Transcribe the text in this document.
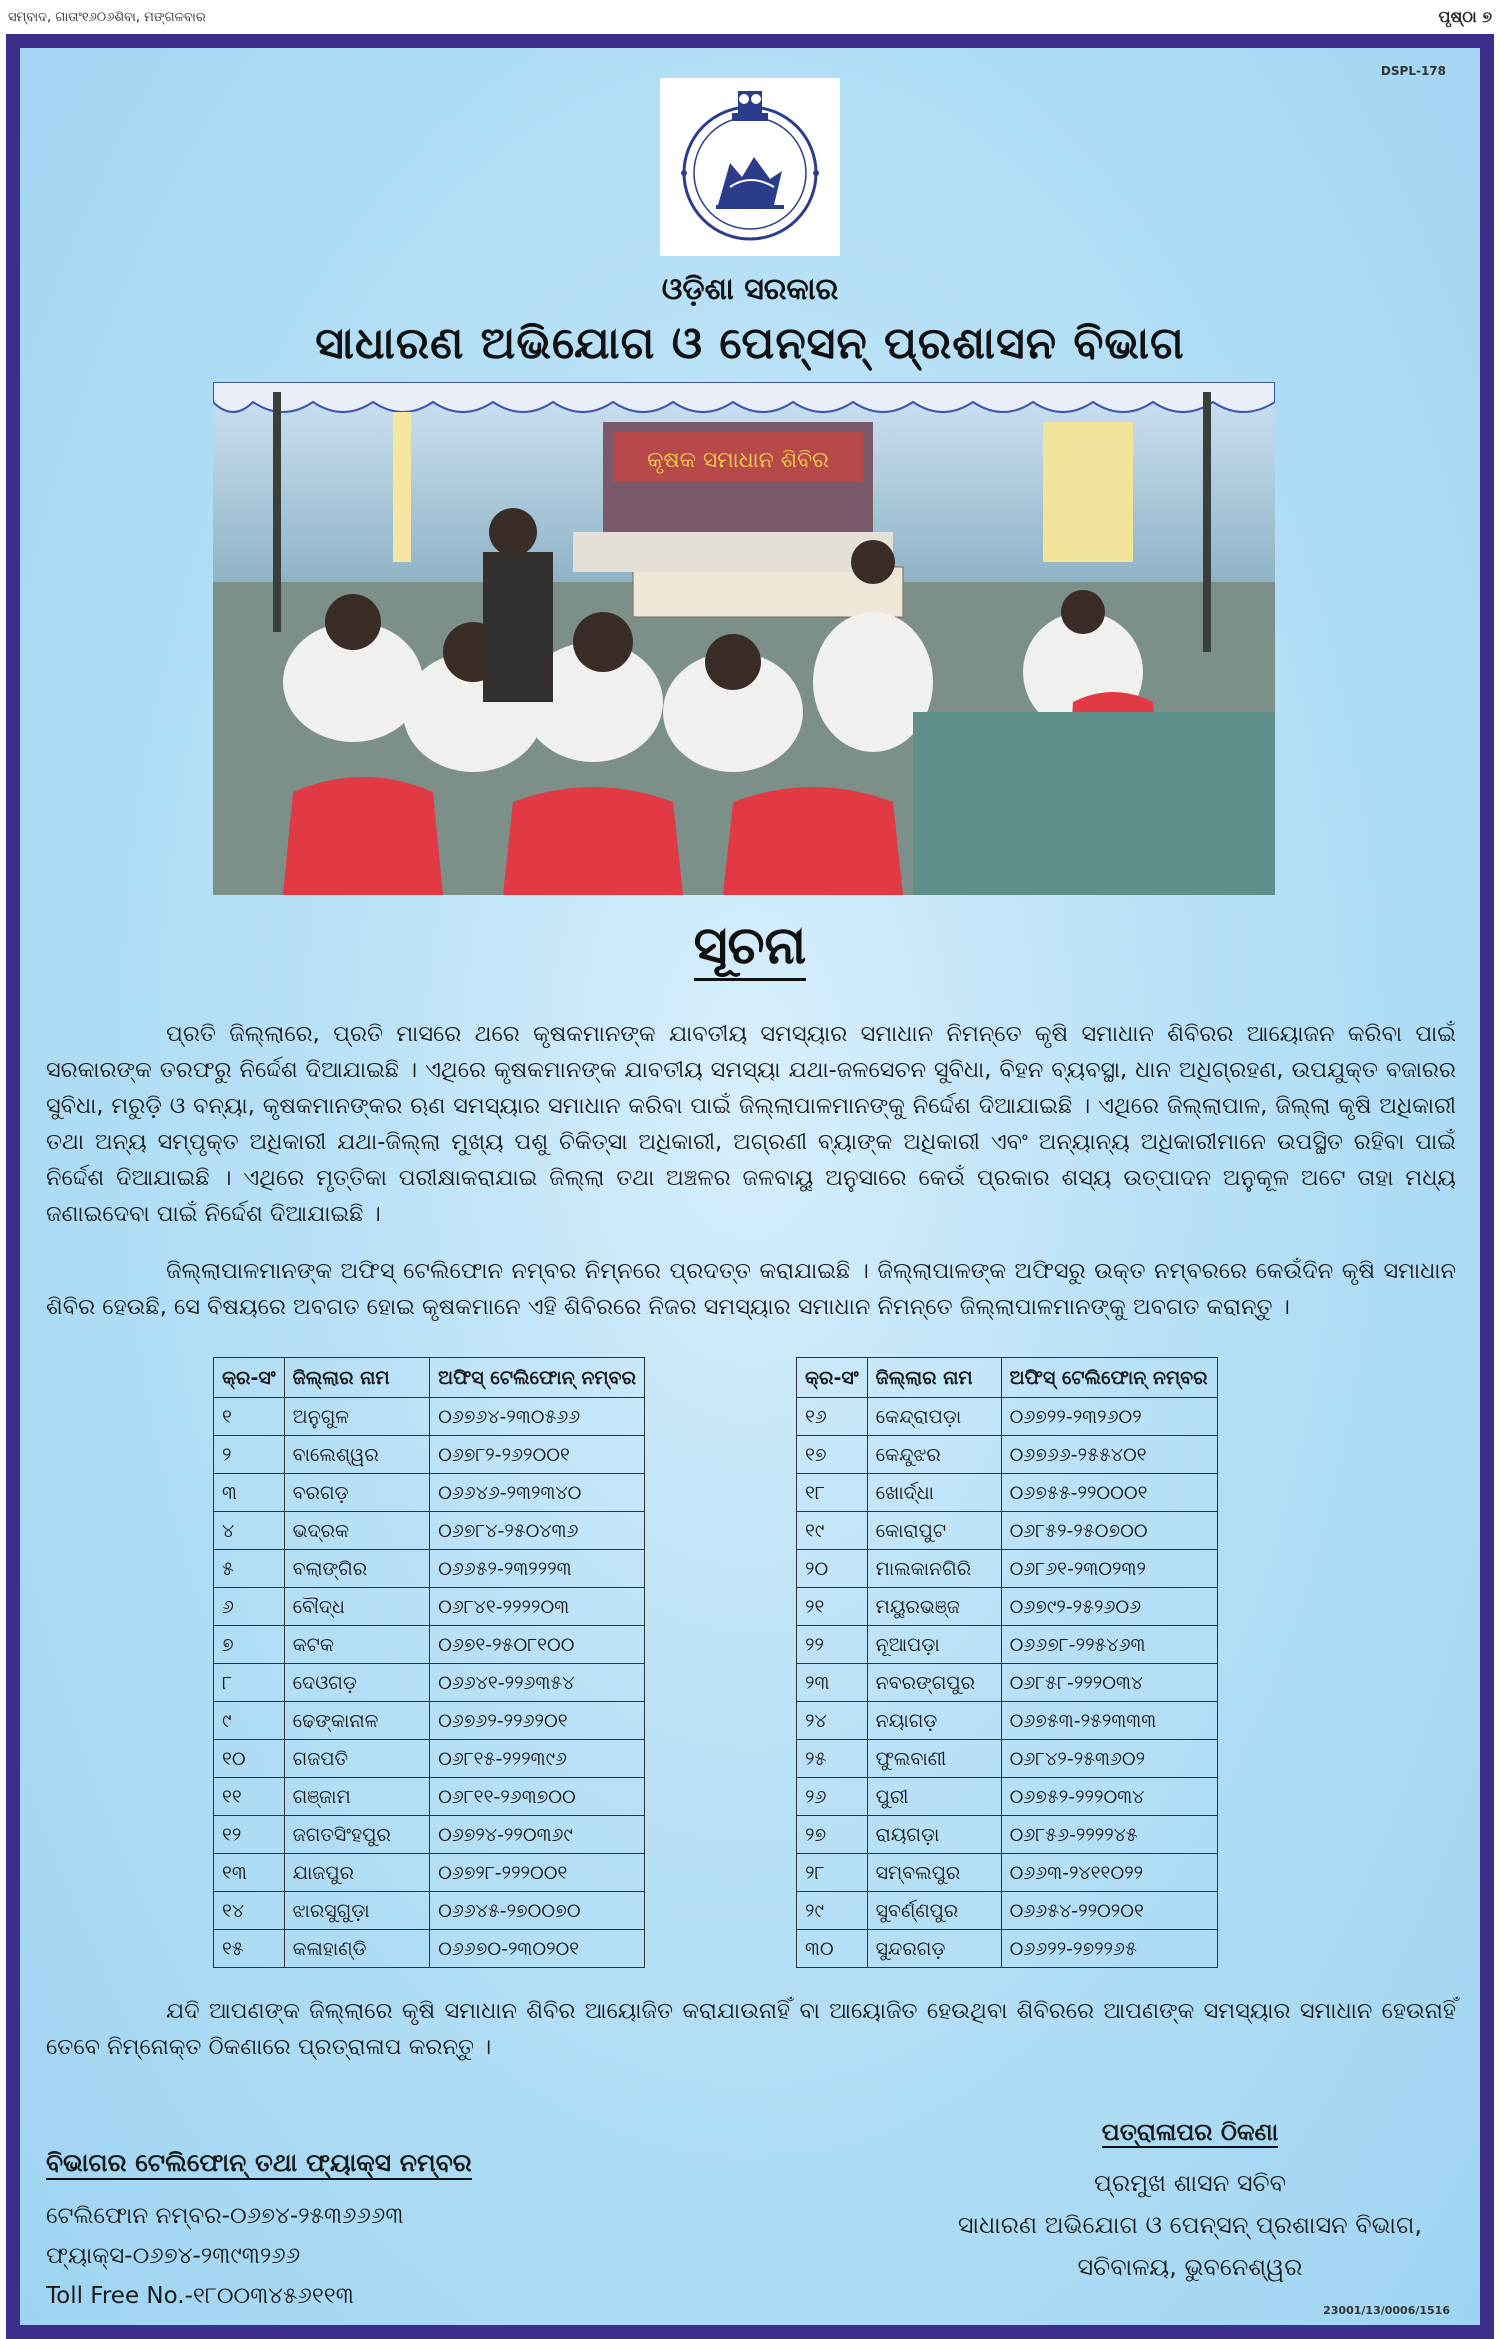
ସମ୍ବାଦ, ଗାତାଂ୧୬୦୬ଶିବା, ମଙ୍ଗଳବାର	ପୃଷ୍ଠା ୭
DSPL-178
ଓଡ଼ିଶା ସରକାର
ସାଧାରଣ ଅଭିଯୋଗ ଓ ପେନ୍‌ସନ୍ ପ୍ରଶାସନ ବିଭାଗ
କୃଷକ ସମାଧାନ ଶିବିର
ସୂଚନା
ପ୍ରତି ଜିଲ୍ଲାରେ, ପ୍ରତି ମାସରେ ଥରେ କୃଷକମାନଙ୍କ ଯାବତୀୟ ସମସ୍ୟାର ସମାଧାନ ନିମନ୍ତେ କୃଷି ସମାଧାନ ଶିବିରର ଆୟୋଜନ କରିବା ପାଇଁ ସରକାରଙ୍କ ତରଫରୁ ନିର୍ଦ୍ଦେଶ ଦିଆଯାଇଛି । ଏଥିରେ କୃଷକମାନଙ୍କ ଯାବତୀୟ ସମସ୍ୟା ଯଥା-ଜଳସେଚନ ସୁବିଧା, ବିହନ ବ୍ୟବସ୍ଥା, ଧାନ ଅଧିଗ୍ରହଣ, ଉପଯୁକ୍ତ ବଜାରର ସୁବିଧା, ମରୁଡ଼ି ଓ ବନ୍ୟା, କୃଷକମାନଙ୍କର ଋଣ ସମସ୍ୟାର ସମାଧାନ କରିବା ପାଇଁ ଜିଲ୍ଲାପାଳମାନଙ୍କୁ ନିର୍ଦ୍ଦେଶ ଦିଆଯାଇଛି । ଏଥିରେ ଜିଲ୍ଲାପାଳ, ଜିଲ୍ଲା କୃଷି ଅଧିକାରୀ ତଥା ଅନ୍ୟ ସମ୍ପୃକ୍ତ ଅଧିକାରୀ ଯଥା-ଜିଲ୍ଲା ମୁଖ୍ୟ ପଶୁ ଚିକିତ୍ସା ଅଧିକାରୀ, ଅଗ୍ରଣୀ ବ୍ୟାଙ୍କ ଅଧିକାରୀ ଏବଂ ଅନ୍ୟାନ୍ୟ ଅଧିକାରୀମାନେ ଉପସ୍ଥିତ ରହିବା ପାଇଁ ନିର୍ଦ୍ଦେଶ ଦିଆଯାଇଛି । ଏଥିରେ ମୃତ୍ତିକା ପରୀକ୍ଷାକରାଯାଇ ଜିଲ୍ଲା ତଥା ଅଞ୍ଚଳର ଜଳବାୟୁ ଅନୁସାରେ କେଉଁ ପ୍ରକାର ଶସ୍ୟ ଉତ୍ପାଦନ ଅନୁକୂଳ ଅଟେ ତାହା ମଧ୍ୟ ଜଣାଇଦେବା ପାଇଁ ନିର୍ଦ୍ଦେଶ ଦିଆଯାଇଛି ।
ଜିଲ୍ଲାପାଳମାନଙ୍କ ଅଫିସ୍ ଟେଲିଫୋନ ନମ୍ବର ନିମ୍ନରେ ପ୍ରଦତ୍ତ କରାଯାଇଛି । ଜିଲ୍ଲାପାଳଙ୍କ ଅଫିସରୁ ଉକ୍ତ ନମ୍ବରରେ କେଉଁଦିନ କୃଷି ସମାଧାନ ଶିବିର ହେଉଛି, ସେ ବିଷୟରେ ଅବଗତ ହୋଇ କୃଷକମାନେ ଏହି ଶିବିରରେ ନିଜର ସମସ୍ୟାର ସମାଧାନ ନିମନ୍ତେ ଜିଲ୍ଲାପାଳମାନଙ୍କୁ ଅବଗତ କରାନ୍ତୁ ।
କ୍ର-ସଂ	ଜିଲ୍ଲାର ନାମ	ଅଫିସ୍ ଟେଲିଫୋନ୍ ନମ୍ବର
୧	ଅନୁଗୁଳ	୦୬୭୬୪-୨୩୦୫୬୬
୨	ବାଲେଶ୍ୱର	୦୬୭୮୨-୨୬୨୦୦୧
୩	ବରଗଡ଼	୦୬୬୪୬-୨୩୨୩୪୦
୪	ଭଦ୍ରକ	୦୬୭୮୪-୨୫୦୪୩୬
୫	ବଲାଙ୍ଗିର	୦୬୬୫୨-୨୩୨୨୨୩
୬	ବୌଦ୍ଧ	୦୬୮୪୧-୨୨୨୨୦୩
୭	କଟକ	୦୬୭୧-୨୫୦୮୧୦୦
୮	ଦେଓଗଡ଼	୦୬୬୪୧-୨୨୬୩୫୪
୯	ଢେଙ୍କାନାଳ	୦୬୭୬୨-୨୨୬୨୦୧
୧୦	ଗଜପତି	୦୬୮୧୫-୨୨୨୩୯୬
୧୧	ଗଞ୍ଜାମ	୦୬୮୧୧-୨୬୩୭୦୦
୧୨	ଜଗତସିଂହପୁର	୦୬୭୨୪-୨୨୦୩୬୯
୧୩	ଯାଜପୁର	୦୬୭୨୮-୨୨୨୦୦୧
୧୪	ଝାରସୁଗୁଡ଼ା	୦୬୬୪୫-୨୭୦୦୭୦
୧୫	କଳାହାଣ୍ଡି	୦୬୬୭୦-୨୩୦୨୦୧
କ୍ର-ସଂ	ଜିଲ୍ଲାର ନାମ	ଅଫିସ୍ ଟେଲିଫୋନ୍ ନମ୍ବର
୧୬	କେନ୍ଦ୍ରାପଡ଼ା	୦୬୭୨୨-୨୩୨୬୦୨
୧୭	କେନ୍ଦୁଝର	୦୬୭୬୬-୨୫୫୪୦୧
୧୮	ଖୋର୍ଦ୍ଧା	୦୬୭୫୫-୨୨୦୦୦୧
୧୯	କୋରାପୁଟ	୦୬୮୫୨-୨୫୦୭୦୦
୨୦	ମାଲକାନଗିରି	୦୬୮୬୧-୨୩୦୨୩୨
୨୧	ମୟୁରଭଞ୍ଜ	୦୬୭୯୨-୨୫୨୬୦୬
୨୨	ନୂଆପଡ଼ା	୦୬୬୭୮-୨୨୫୪୬୩
୨୩	ନବରଙ୍ଗପୁର	୦୬୮୫୮-୨୨୨୦୩୪
୨୪	ନୟାଗଡ଼	୦୬୭୫୩-୨୫୨୩୩୩
୨୫	ଫୁଲବାଣୀ	୦୬୮୪୨-୨୫୩୬୦୨
୨୬	ପୁରୀ	୦୬୭୫୨-୨୨୨୦୩୪
୨୭	ରାୟଗଡ଼ା	୦୬୮୫୬-୨୨୨୨୪୫
୨୮	ସମ୍ବଲପୁର	୦୬୬୩-୨୪୧୧୦୨୨
୨୯	ସୁବର୍ଣ୍ଣପୁର	୦୬୬୫୪-୨୨୦୨୦୧
୩୦	ସୁନ୍ଦରଗଡ଼	୦୬୬୨୨-୨୭୨୨୬୫
ଯଦି ଆପଣଙ୍କ ଜିଲ୍ଲାରେ କୃଷି ସମାଧାନ ଶିବିର ଆୟୋଜିତ କରାଯାଉନାହିଁ ବା ଆୟୋଜିତ ହେଉଥିବା ଶିବିରରେ ଆପଣଙ୍କ ସମସ୍ୟାର ସମାଧାନ ହେଉନାହିଁ ତେବେ ନିମ୍ନୋକ୍ତ ଠିକଣାରେ ପ୍ରତ୍ରାଳାପ କରନ୍ତୁ ।
ବିଭାଗର ଟେଲିଫୋନ୍ ତଥା ଫ୍ୟାକ୍ସ ନମ୍ବର
ଟେଲିଫୋନ ନମ୍ବର-୦୬୭୪-୨୫୩୬୬୬୩
ଫ୍ୟାକ୍ସ-୦୬୭୪-୨୩୯୩୨୬୬
Toll Free No.-୧୮୦୦୩୪୫୬୧୧୩
ପତ୍ରାଳାପର ଠିକଣା
ପ୍ରମୁଖ ଶାସନ ସଚିବ
ସାଧାରଣ ଅଭିଯୋଗ ଓ ପେନ୍‌ସନ୍ ପ୍ରଶାସନ ବିଭାଗ,
ସଚିବାଳୟ, ଭୁବନେଶ୍ୱର
23001/13/0006/1516
